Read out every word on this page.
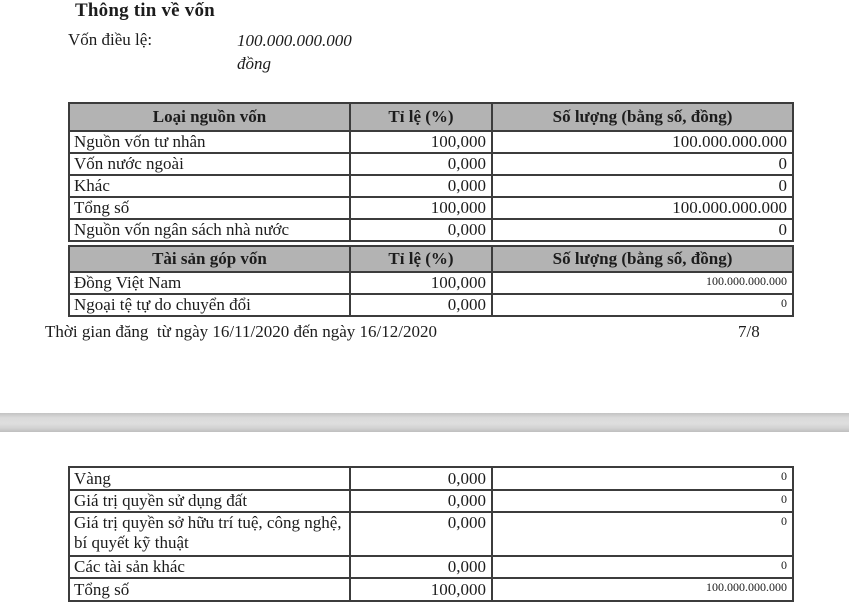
Thông tin về vốn
Vốn điều lệ:	100.000.000.000
đồng
Loại nguồn vốn	Tỉ lệ (%)	Số lượng (bằng số, đồng)
Nguồn vốn tư nhân	100,000	100.000.000.000
Vốn nước ngoài	0,000	0
Khác	0,000	0
Tổng số	100,000	100.000.000.000
Nguồn vốn ngân sách nhà nước	0,000	0
Tài sản góp vốn	Tỉ lệ (%)	Số lượng (bằng số, đồng)
Đồng Việt Nam	100,000	100.000.000.000
Ngoại tệ tự do chuyển đổi	0,000	0
Thời gian đăng  từ ngày 16/11/2020 đến ngày 16/12/2020	7/8
Vàng	0,000	0
Giá trị quyền sử dụng đất	0,000	0
Giá trị quyền sở hữu trí tuệ, công nghệ, bí quyết kỹ thuật	0,000	0
Các tài sản khác	0,000	0
Tổng số	100,000	100.000.000.000
